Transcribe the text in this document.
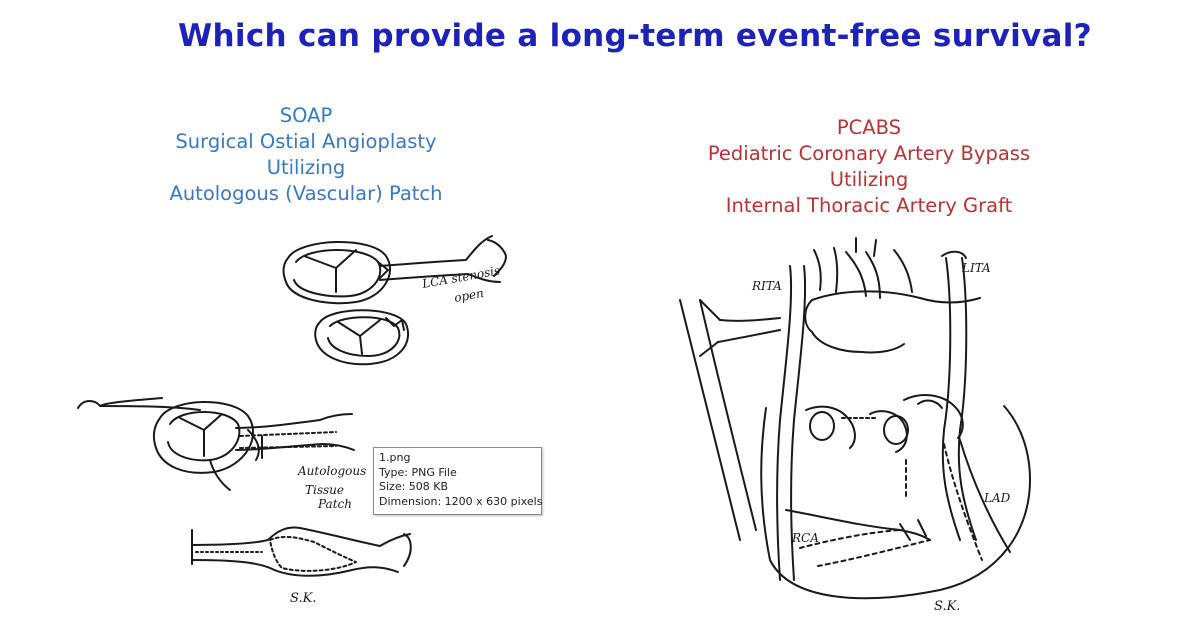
Which can provide a long-term event-free survival?
SOAP
Surgical Ostial Angioplasty
Utilizing
Autologous (Vascular) Patch
PCABS
Pediatric Coronary Artery Bypass
Utilizing
Internal Thoracic Artery Graft
LCA stenosis
open
Autologous
Tissue
Patch
S.K.
RITA
LITA
LAD
RCA
S.K.
1.png
Type: PNG File
Size: 508 KB
Dimension: 1200 x 630 pixels
